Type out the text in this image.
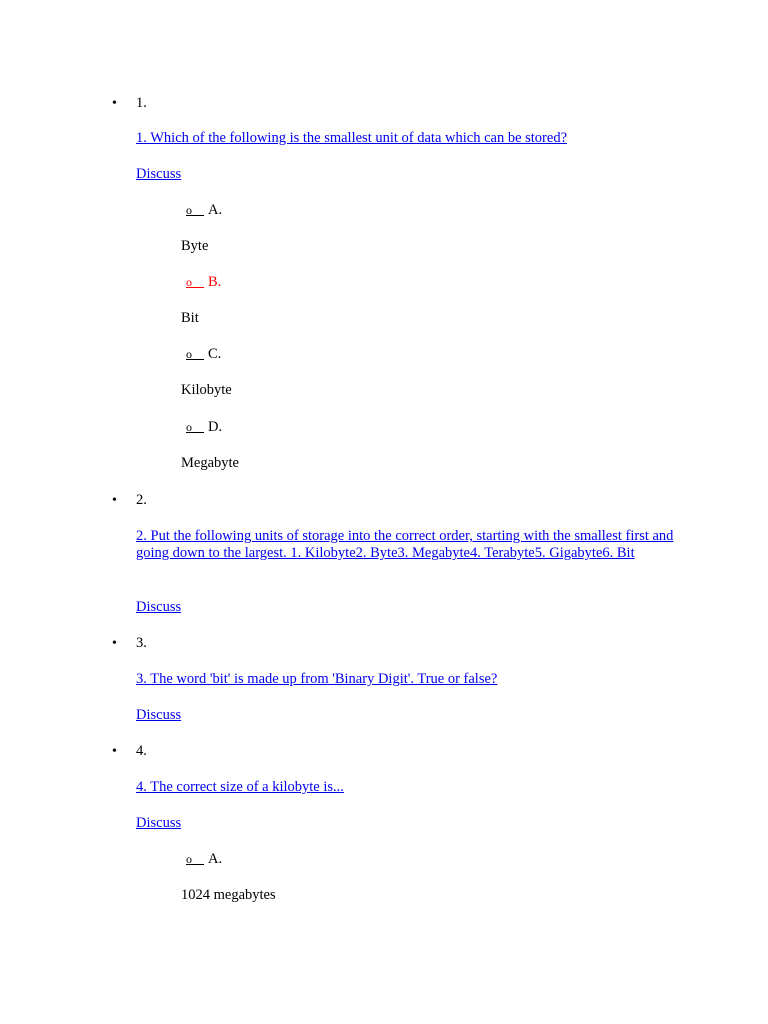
• 1.
1. Which of the following is the smallest unit of data which can be stored?
Discuss
o A.
Byte
o B.
Bit
o C.
Kilobyte
o D.
Megabyte
• 2.
2. Put the following units of storage into the correct order, starting with the smallest first and going down to the largest. 1. Kilobyte2. Byte3. Megabyte4. Terabyte5. Gigabyte6. Bit
Discuss
• 3.
3. The word 'bit' is made up from 'Binary Digit'. True or false?
Discuss
• 4.
4. The correct size of a kilobyte is...
Discuss
o A.
1024 megabytes
